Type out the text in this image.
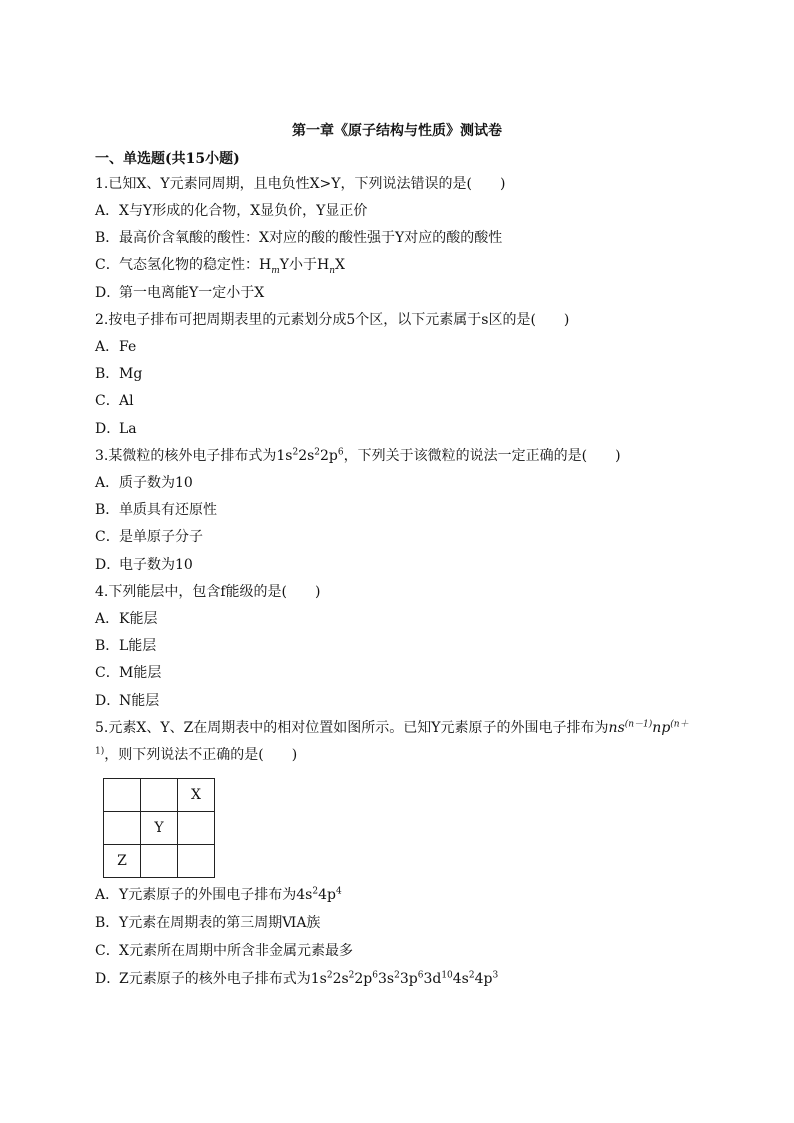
第一章《原子结构与性质》测试卷
一、单选题(共15小题)
1.已知X、Y元素同周期，且电负性X>Y，下列说法错误的是(　　)
A．X与Y形成的化合物，X显负价，Y显正价
B．最高价含氧酸的酸性：X对应的酸的酸性强于Y对应的酸的酸性
C．气态氢化物的稳定性：$H_mY$小于$H_nX$
D．第一电离能Y一定小于X
2.按电子排布可把周期表里的元素划分成5个区，以下元素属于s区的是(　　)
A．Fe
B．Mg
C．Al
D．La
3.某微粒的核外电子排布式为$1s^22s^22p^6$，下列关于该微粒的说法一定正确的是(　　)
A．质子数为10
B．单质具有还原性
C．是单原子分子
D．电子数为10
4.下列能层中，包含f能级的是(　　)
A．K能层
B．L能层
C．M能层
D．N能层
5.元素X、Y、Z在周期表中的相对位置如图所示。已知Y元素原子的外围电子排布为$ns^{(n-1)}np^{(n+}$
$^{1)}$，则下列说法不正确的是(　　)
		X
	Y	
Z		
A．Y元素原子的外围电子排布为$4s^24p^4$
B．Y元素在周期表的第三周期ⅥA族
C．X元素所在周期中所含非金属元素最多
D．Z元素原子的核外电子排布式为$1s^22s^22p^63s^23p^63d^{10}4s^24p^3$
